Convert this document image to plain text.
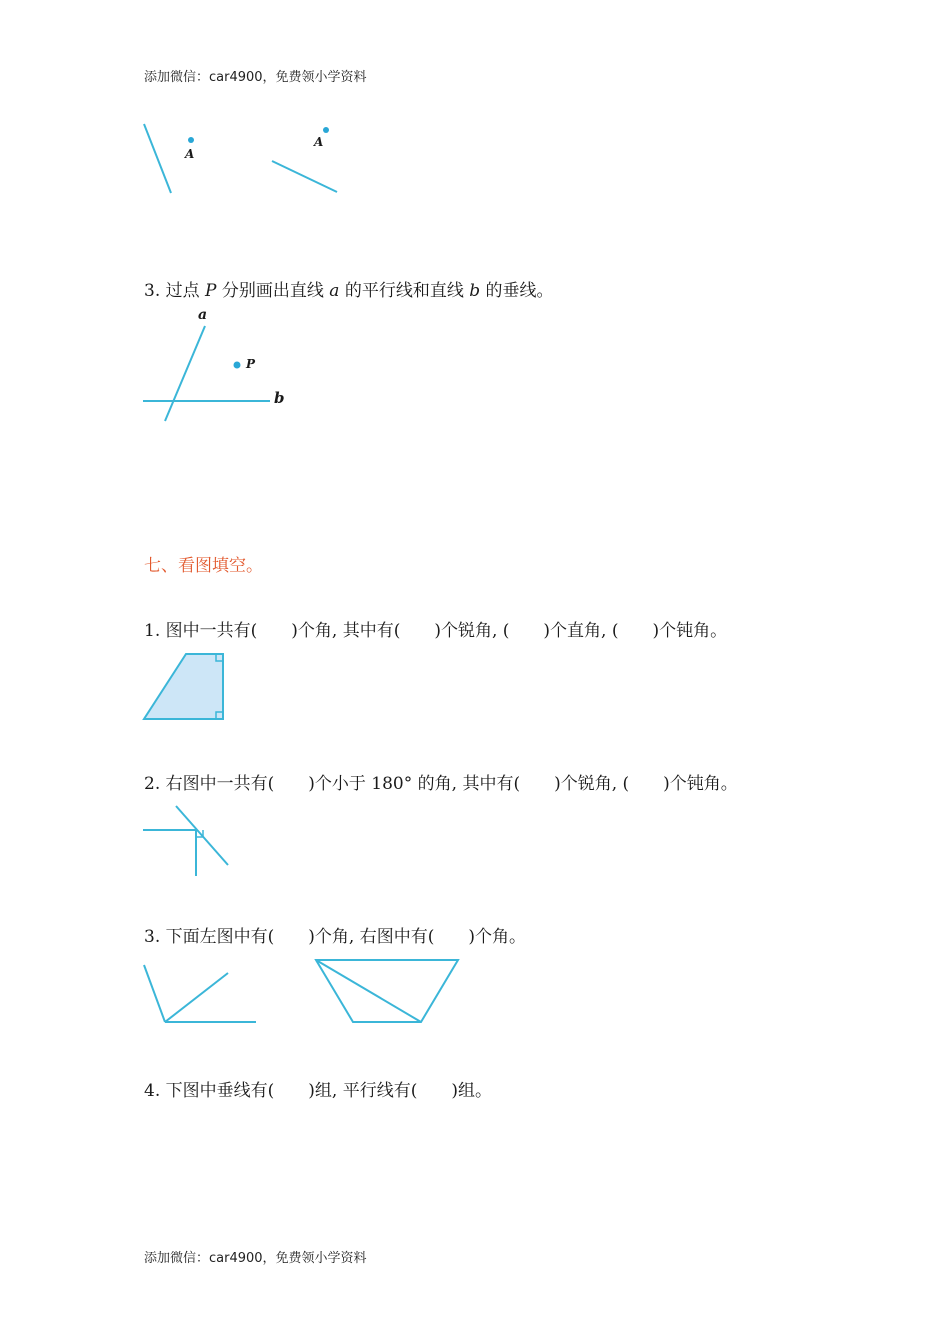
添加微信：car4900，免费领小学资料
A
A
3. 过点 P 分别画出直线 a 的平行线和直线 b 的垂线。
a
P
b
七、看图填空。
1. 图中一共有( )个角, 其中有( )个锐角, ( )个直角, ( )个钝角。
2. 右图中一共有( )个小于 180° 的角, 其中有( )个锐角, ( )个钝角。
3. 下面左图中有( )个角, 右图中有( )个角。
4. 下图中垂线有( )组, 平行线有( )组。
添加微信：car4900，免费领小学资料
